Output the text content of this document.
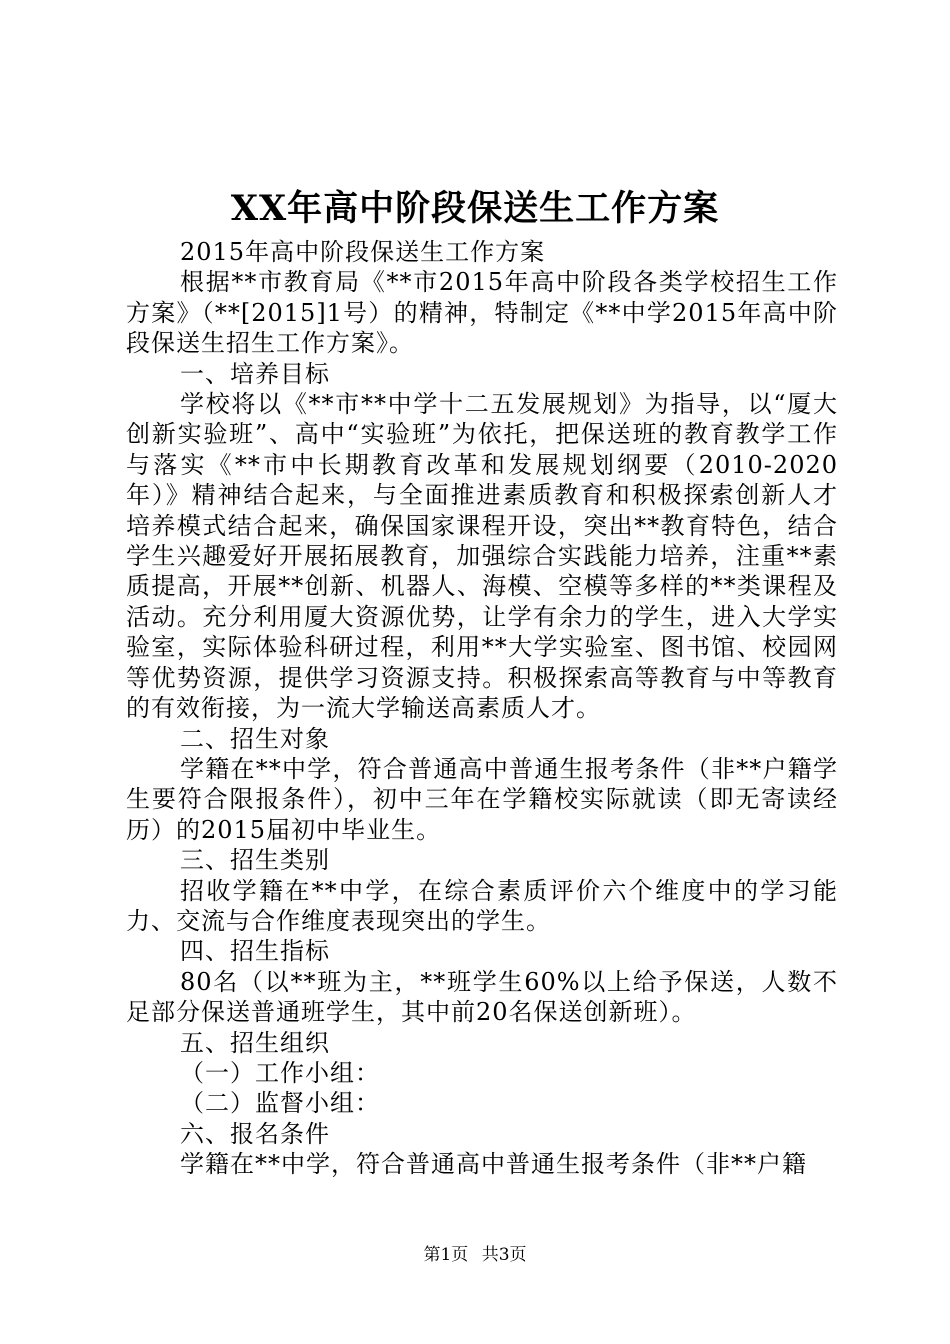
XX年高中阶段保送生工作方案

2015年高中阶段保送生工作方案

根据**市教育局《**市2015年高中阶段各类学校招生工作方案》（**[2015]1号）的精神，特制定《**中学2015年高中阶段保送生招生工作方案》。

一、培养目标

学校将以《**市**中学十二五发展规划》为指导，以“厦大创新实验班”、高中“实验班”为依托，把保送班的教育教学工作与落实《**市中长期教育改革和发展规划纲要（2010-2020年）》精神结合起来，与全面推进素质教育和积极探索创新人才培养模式结合起来，确保国家课程开设，突出**教育特色，结合学生兴趣爱好开展拓展教育，加强综合实践能力培养，注重**素质提高，开展**创新、机器人、海模、空模等多样的**类课程及活动。充分利用厦大资源优势，让学有余力的学生，进入大学实验室，实际体验科研过程，利用**大学实验室、图书馆、校园网等优势资源，提供学习资源支持。积极探索高等教育与中等教育的有效衔接，为一流大学输送高素质人才。

二、招生对象

学籍在**中学，符合普通高中普通生报考条件（非**户籍学生要符合限报条件），初中三年在学籍校实际就读（即无寄读经历）的2015届初中毕业生。

三、招生类别

招收学籍在**中学，在综合素质评价六个维度中的学习能力、交流与合作维度表现突出的学生。

四、招生指标

80名（以**班为主，**班学生60%以上给予保送，人数不足部分保送普通班学生，其中前20名保送创新班）。

五、招生组织

（一）工作小组：

（二）监督小组：

六、报名条件

学籍在**中学，符合普通高中普通生报考条件（非**户籍

第1页 共3页
